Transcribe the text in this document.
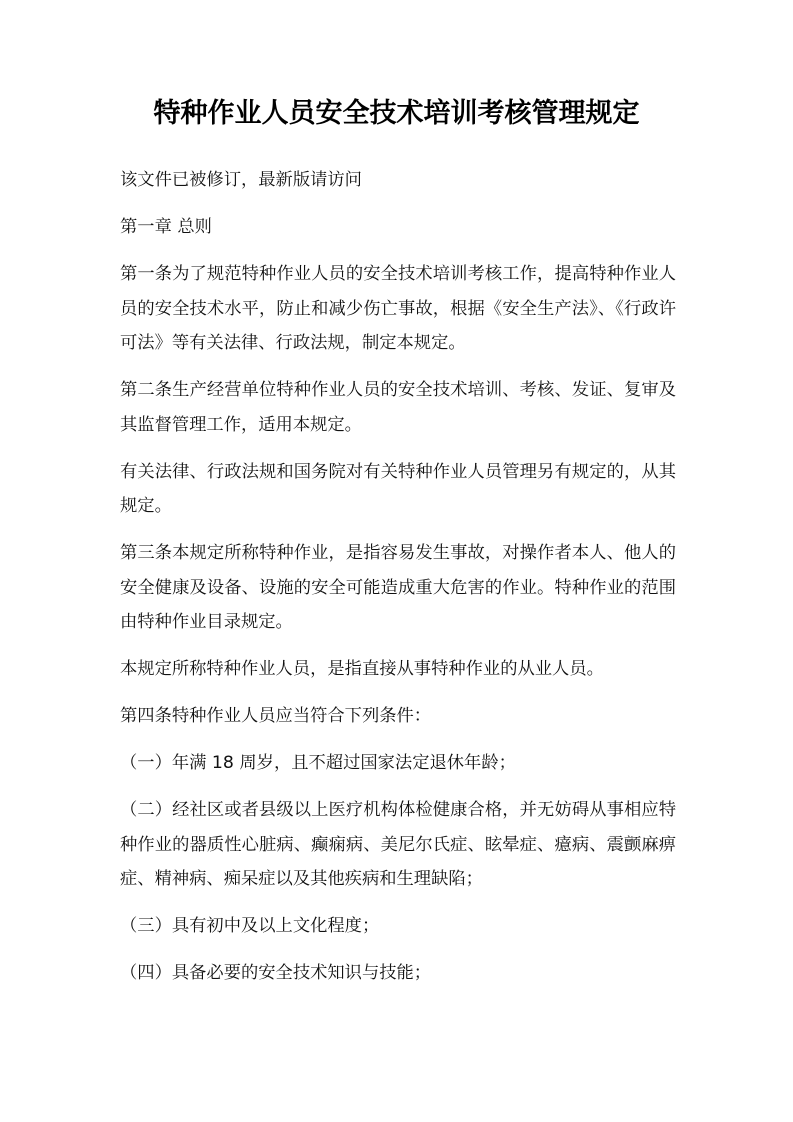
特种作业人员安全技术培训考核管理规定

该文件已被修订，最新版请访问

第一章 总则

第一条为了规范特种作业人员的安全技术培训考核工作，提高特种作业人员的安全技术水平，防止和减少伤亡事故，根据《安全生产法》、《行政许可法》等有关法律、行政法规，制定本规定。

第二条生产经营单位特种作业人员的安全技术培训、考核、发证、复审及其监督管理工作，适用本规定。

有关法律、行政法规和国务院对有关特种作业人员管理另有规定的，从其规定。

第三条本规定所称特种作业，是指容易发生事故，对操作者本人、他人的安全健康及设备、设施的安全可能造成重大危害的作业。特种作业的范围由特种作业目录规定。

本规定所称特种作业人员，是指直接从事特种作业的从业人员。

第四条特种作业人员应当符合下列条件：

（一）年满 18 周岁，且不超过国家法定退休年龄；

（二）经社区或者县级以上医疗机构体检健康合格，并无妨碍从事相应特种作业的器质性心脏病、癫痫病、美尼尔氏症、眩晕症、癔病、震颤麻痹症、精神病、痴呆症以及其他疾病和生理缺陷；

（三）具有初中及以上文化程度；

（四）具备必要的安全技术知识与技能；
